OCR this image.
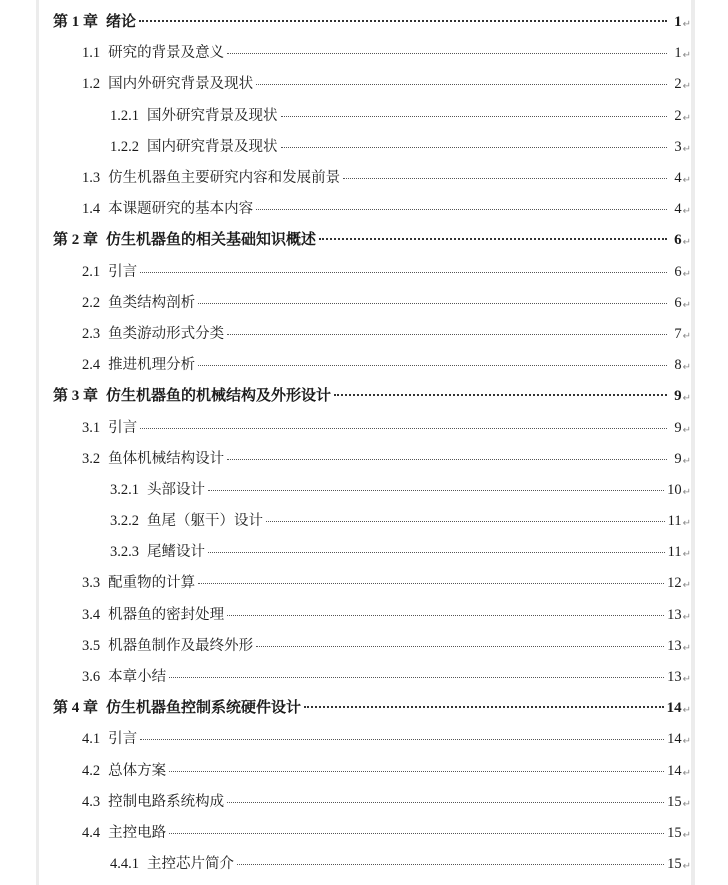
第 1 章 绪论	1 ↵
1.1 研究的背景及意义	1 ↵
1.2 国内外研究背景及现状	2 ↵
1.2.1 国外研究背景及现状	2 ↵
1.2.2 国内研究背景及现状	3 ↵
1.3 仿生机器鱼主要研究内容和发展前景	4 ↵
1.4 本课题研究的基本内容	4 ↵
第 2 章 仿生机器鱼的相关基础知识概述	6 ↵
2.1 引言	6 ↵
2.2 鱼类结构剖析	6 ↵
2.3 鱼类游动形式分类	7 ↵
2.4 推进机理分析	8 ↵
第 3 章 仿生机器鱼的机械结构及外形设计	9 ↵
3.1 引言	9 ↵
3.2 鱼体机械结构设计	9 ↵
3.2.1 头部设计	10 ↵
3.2.2 鱼尾（躯干）设计	11 ↵
3.2.3 尾鳍设计	11 ↵
3.3 配重物的计算	12 ↵
3.4 机器鱼的密封处理	13 ↵
3.5 机器鱼制作及最终外形	13 ↵
3.6 本章小结	13 ↵
第 4 章 仿生机器鱼控制系统硬件设计	14 ↵
4.1 引言	14 ↵
4.2 总体方案	14 ↵
4.3 控制电路系统构成	15 ↵
4.4 主控电路	15 ↵
4.4.1 主控芯片简介	15 ↵
